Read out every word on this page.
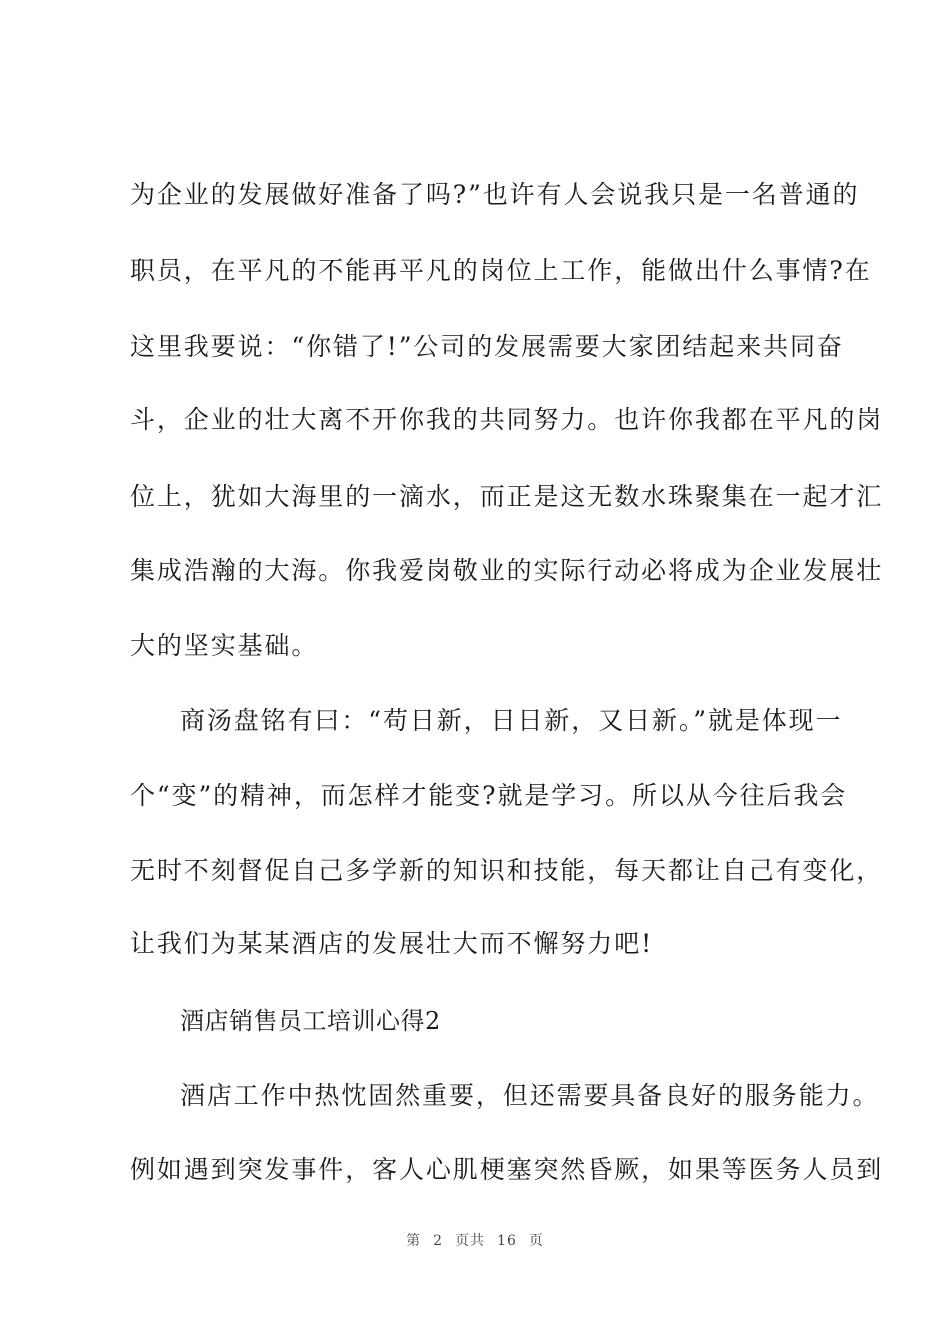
为企业的发展做好准备了吗?”也许有人会说我只是一名普通的
职员，在平凡的不能再平凡的岗位上工作，能做出什么事情?在
这里我要说：“你错了!”公司的发展需要大家团结起来共同奋
斗，企业的壮大离不开你我的共同努力。也许你我都在平凡的岗
位上，犹如大海里的一滴水，而正是这无数水珠聚集在一起才汇
集成浩瀚的大海。你我爱岗敬业的实际行动必将成为企业发展壮
大的坚实基础。
商汤盘铭有曰：“苟日新，日日新，又日新。”就是体现一
个“变”的精神，而怎样才能变?就是学习。所以从今往后我会
无时不刻督促自己多学新的知识和技能，每天都让自己有变化，
让我们为某某酒店的发展壮大而不懈努力吧!
酒店销售员工培训心得2
酒店工作中热忱固然重要，但还需要具备良好的服务能力。
例如遇到突发事件，客人心肌梗塞突然昏厥，如果等医务人员到
第 2 页共 16 页
